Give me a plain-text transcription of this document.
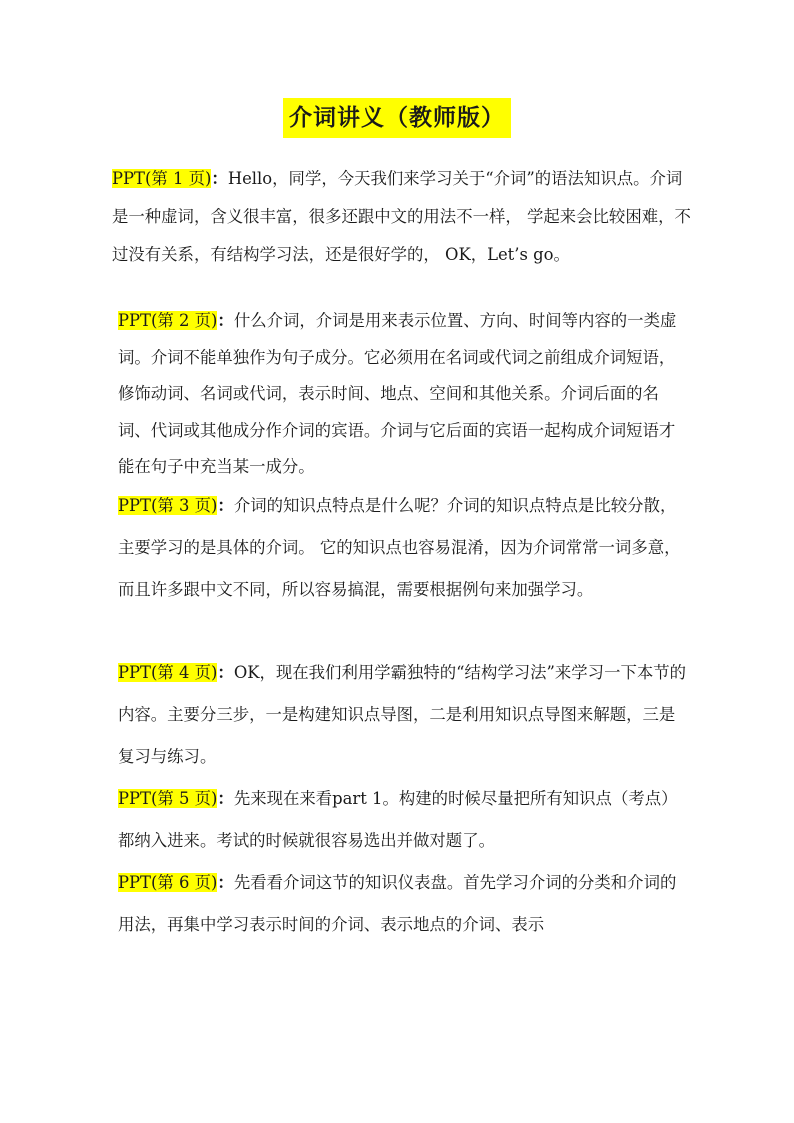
介词讲义（教师版）

PPT(第 1 页)：Hello，同学，今天我们来学习关于“介词”的语法知识点。介词是一种虚词，含义很丰富，很多还跟中文的用法不一样， 学起来会比较困难，不过没有关系，有结构学习法，还是很好学的， OK，Let’s go。

PPT(第 2 页)：什么介词，介词是用来表示位置、方向、时间等内容的一类虚词。介词不能单独作为句子成分。它必须用在名词或代词之前组成介词短语，修饰动词、名词或代词，表示时间、地点、空间和其他关系。介词后面的名词、代词或其他成分作介词的宾语。介词与它后面的宾语一起构成介词短语才能在句子中充当某一成分。

PPT(第 3 页)：介词的知识点特点是什么呢？介词的知识点特点是比较分散，主要学习的是具体的介词。 它的知识点也容易混淆，因为介词常常一词多意，而且许多跟中文不同，所以容易搞混，需要根据例句来加强学习。

PPT(第 4 页)：OK，现在我们利用学霸独特的“结构学习法”来学习一下本节的内容。主要分三步，一是构建知识点导图，二是利用知识点导图来解题，三是复习与练习。

PPT(第 5 页)：先来现在来看part 1。构建的时候尽量把所有知识点（考点）都纳入进来。考试的时候就很容易选出并做对题了。

PPT(第 6 页)：先看看介词这节的知识仪表盘。首先学习介词的分类和介词的用法，再集中学习表示时间的介词、表示地点的介词、表示
